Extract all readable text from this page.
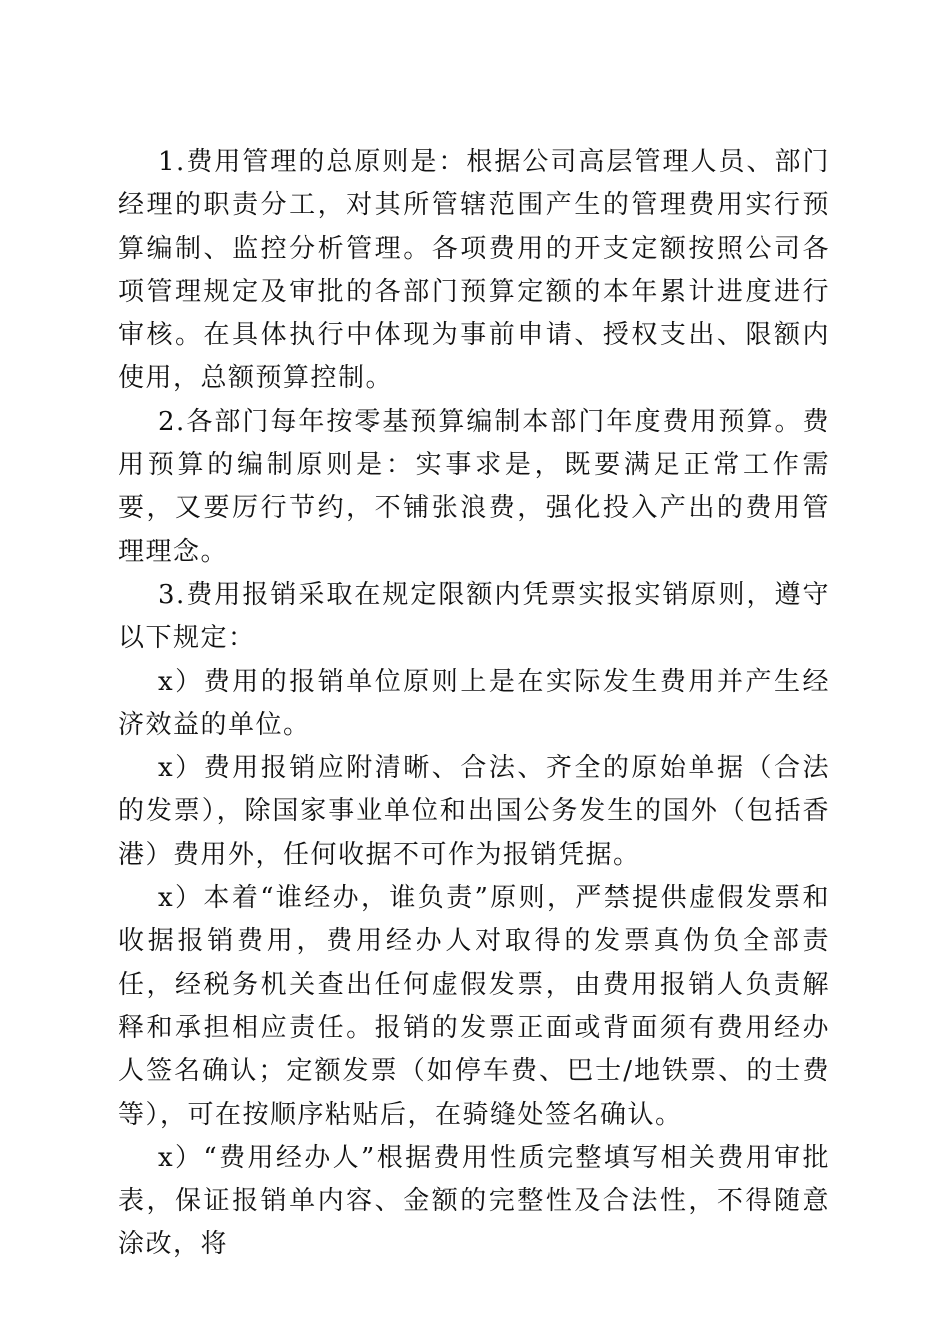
1.费用管理的总原则是：根据公司高层管理人员、部门经理的职责分工，对其所管辖范围产生的管理费用实行预算编制、监控分析管理。各项费用的开支定额按照公司各项管理规定及审批的各部门预算定额的本年累计进度进行审核。在具体执行中体现为事前申请、授权支出、限额内使用，总额预算控制。

2.各部门每年按零基预算编制本部门年度费用预算。费用预算的编制原则是：实事求是，既要满足正常工作需要，又要厉行节约，不铺张浪费，强化投入产出的费用管理理念。

3.费用报销采取在规定限额内凭票实报实销原则，遵守以下规定：

x）费用的报销单位原则上是在实际发生费用并产生经济效益的单位。

x）费用报销应附清晰、合法、齐全的原始单据（合法的发票），除国家事业单位和出国公务发生的国外（包括香港）费用外，任何收据不可作为报销凭据。

x）本着“谁经办，谁负责”原则，严禁提供虚假发票和收据报销费用，费用经办人对取得的发票真伪负全部责任，经税务机关查出任何虚假发票，由费用报销人负责解释和承担相应责任。报销的发票正面或背面须有费用经办人签名确认；定额发票（如停车费、巴士/地铁票、的士费等），可在按顺序粘贴后，在骑缝处签名确认。

x）“费用经办人”根据费用性质完整填写相关费用审批表，保证报销单内容、金额的完整性及合法性，不得随意涂改，将
